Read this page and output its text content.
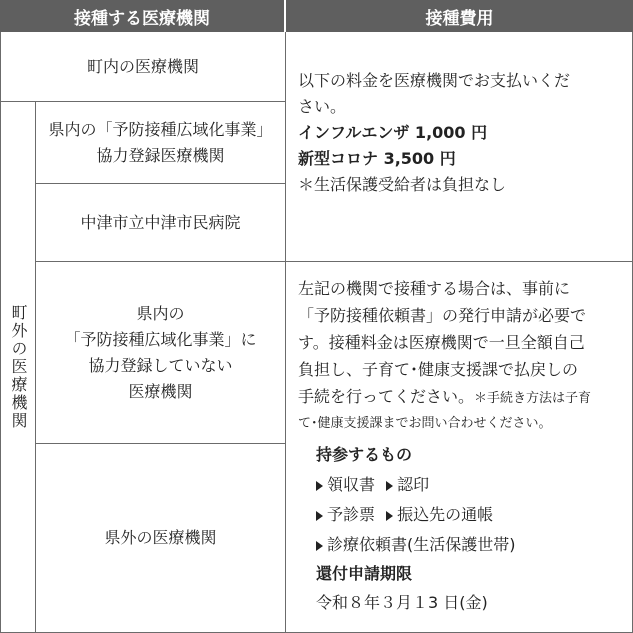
接種する医療機関	接種費用
町内の医療機関
町外の医療機関
県内の「予防接種広域化事業」
協力登録医療機関
中津市立中津市民病院
県内の
「予防接種広域化事業」に
協力登録していない
医療機関
県外の医療機関
以下の料金を医療機関でお支払いくだ
さい。
インフルエンザ 1,000 円
新型コロナ 3,500 円
＊生活保護受給者は負担なし
左記の機関で接種する場合は、事前に
「予防接種依頼書」の発行申請が必要で
す。接種料金は医療機関で一旦全額自己
負担し、子育て･健康支援課で払戻しの
手続を行ってください。＊手続き方法は子育
て･健康支援課までお問い合わせください。
持参するもの
領収書 認印
予診票 振込先の通帳
診療依頼書(生活保護世帯)
還付申請期限
令和８年３月１3 日(金)
